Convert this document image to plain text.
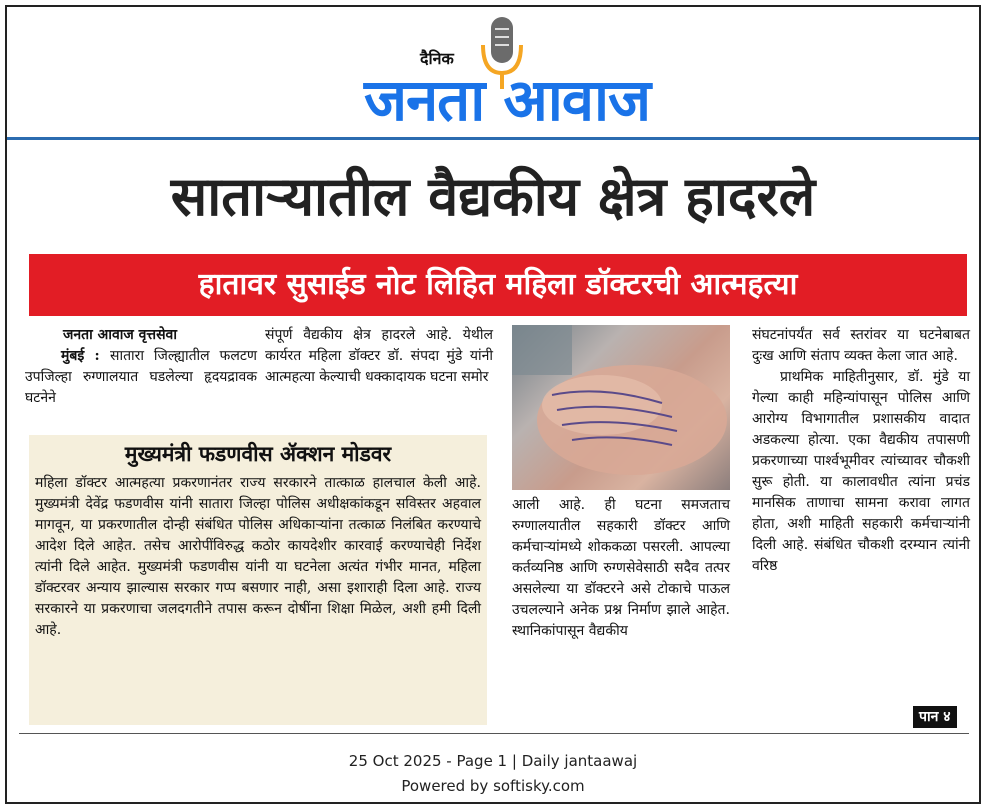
दैनिक
जनता आवाज
साताऱ्यातील वैद्यकीय क्षेत्र हादरले
हातावर सुसाईड नोट लिहित महिला डॉक्टरची आत्महत्या

जनता आवाज वृत्तसेवा

मुंबई : सातारा जिल्ह्यातील फलटण उपजिल्हा रुग्णालयात घडलेल्या हृदयद्रावक घटनेने

संपूर्ण वैद्यकीय क्षेत्र हादरले आहे. येथील कार्यरत महिला डॉक्टर डॉ. संपदा मुंडे यांनी आत्महत्या केल्याची धक्कादायक घटना समोर

आली आहे. ही घटना समजताच रुग्णालयातील सहकारी डॉक्टर आणि कर्मचाऱ्यांमध्ये शोककळा पसरली. आपल्या कर्तव्यनिष्ठ आणि रुग्णसेवेसाठी सदैव तत्पर असलेल्या या डॉक्टरने असे टोकाचे पाऊल उचलल्याने अनेक प्रश्न निर्माण झाले आहेत. स्थानिकांपासून वैद्यकीय

संघटनांपर्यंत सर्व स्तरांवर या घटनेबाबत दुःख आणि संताप व्यक्त केला जात आहे.

प्राथमिक माहितीनुसार, डॉ. मुंडे या गेल्या काही महिन्यांपासून पोलिस आणि आरोग्य विभागातील प्रशासकीय वादात अडकल्या होत्या. एका वैद्यकीय तपासणी प्रकरणाच्या पार्श्वभूमीवर त्यांच्यावर चौकशी सुरू होती. या कालावधीत त्यांना प्रचंड मानसिक ताणाचा सामना करावा लागत होता, अशी माहिती सहकारी कर्मचाऱ्यांनी दिली आहे. संबंधित चौकशी दरम्यान त्यांनी वरिष्ठ

पान ४
मुख्यमंत्री फडणवीस ॲक्शन मोडवर

महिला डॉक्टर आत्महत्या प्रकरणानंतर राज्य सरकारने तात्काळ हालचाल केली आहे. मुख्यमंत्री देवेंद्र फडणवीस यांनी सातारा जिल्हा पोलिस अधीक्षकांकडून सविस्तर अहवाल मागवून, या प्रकरणातील दोन्ही संबंधित पोलिस अधिकाऱ्यांना तत्काळ निलंबित करण्याचे आदेश दिले आहेत. तसेच आरोपींविरुद्ध कठोर कायदेशीर कारवाई करण्याचेही निर्देश त्यांनी दिले आहेत. मुख्यमंत्री फडणवीस यांनी या घटनेला अत्यंत गंभीर मानत, महिला डॉक्टरवर अन्याय झाल्यास सरकार गप्प बसणार नाही, असा इशाराही दिला आहे. राज्य सरकारने या प्रकरणाचा जलदगतीने तपास करून दोषींना शिक्षा मिळेल, अशी हमी दिली आहे.

25 Oct 2025 - Page 1 | Daily jantaawaj
Powered by softisky.com
